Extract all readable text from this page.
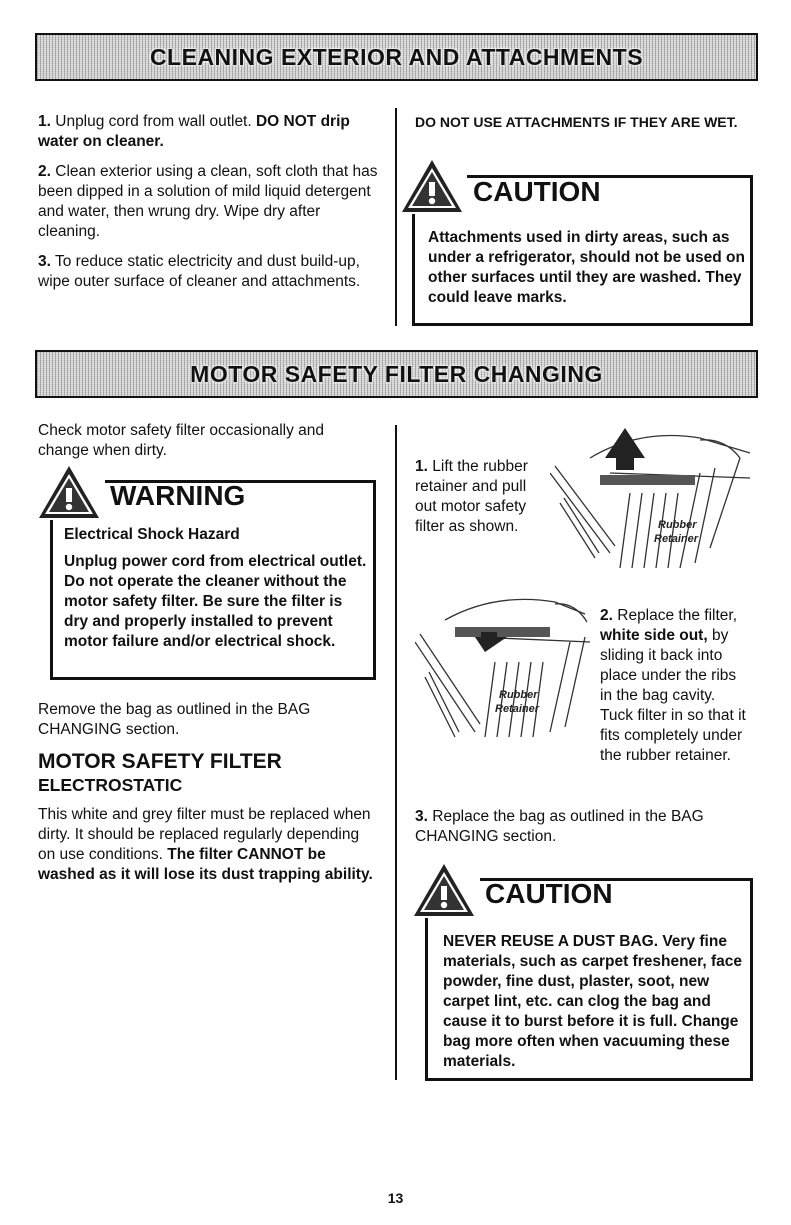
CLEANING EXTERIOR AND ATTACHMENTS

1. Unplug cord from wall outlet. DO NOT drip water on cleaner.

2. Clean exterior using a clean, soft cloth that has been dipped in a solution of mild liquid detergent and water, then wrung dry. Wipe dry after cleaning.

3. To reduce static electricity and dust build-up, wipe outer surface of cleaner and attachments.

DO NOT USE ATTACHMENTS IF THEY ARE WET.
CAUTION
Attachments used in dirty areas, such as under a refrigerator, should not be used on other surfaces until they are washed. They could leave marks.
MOTOR SAFETY FILTER CHANGING
Check motor safety filter occasionally and change when dirty.
WARNING
Electrical Shock Hazard
Unplug power cord from electrical outlet. Do not operate the cleaner without the motor safety filter. Be sure the filter is dry and properly installed to prevent motor failure and/or electrical shock.
Remove the bag as outlined in the BAG CHANGING section.
MOTOR SAFETY FILTER
ELECTROSTATIC
This white and grey filter must be replaced when dirty. It should be replaced regularly depending on use conditions. The filter CANNOT be washed as it will lose its dust trapping ability.
1. Lift the rubber retainer and pull out motor safety filter as shown.	Rubber
Retainer
Rubber
Retainer
2. Replace the filter, white side out, by sliding it back into place under the ribs in the bag cavity. Tuck filter in so that it fits completely under the rubber retainer.
3. Replace the bag as outlined in the BAG CHANGING section.
CAUTION
NEVER REUSE A DUST BAG. Very fine materials, such as carpet freshener, face powder, fine dust, plaster, soot, new carpet lint, etc. can clog the bag and cause it to burst before it is full. Change bag more often when vacuuming these materials.
13
